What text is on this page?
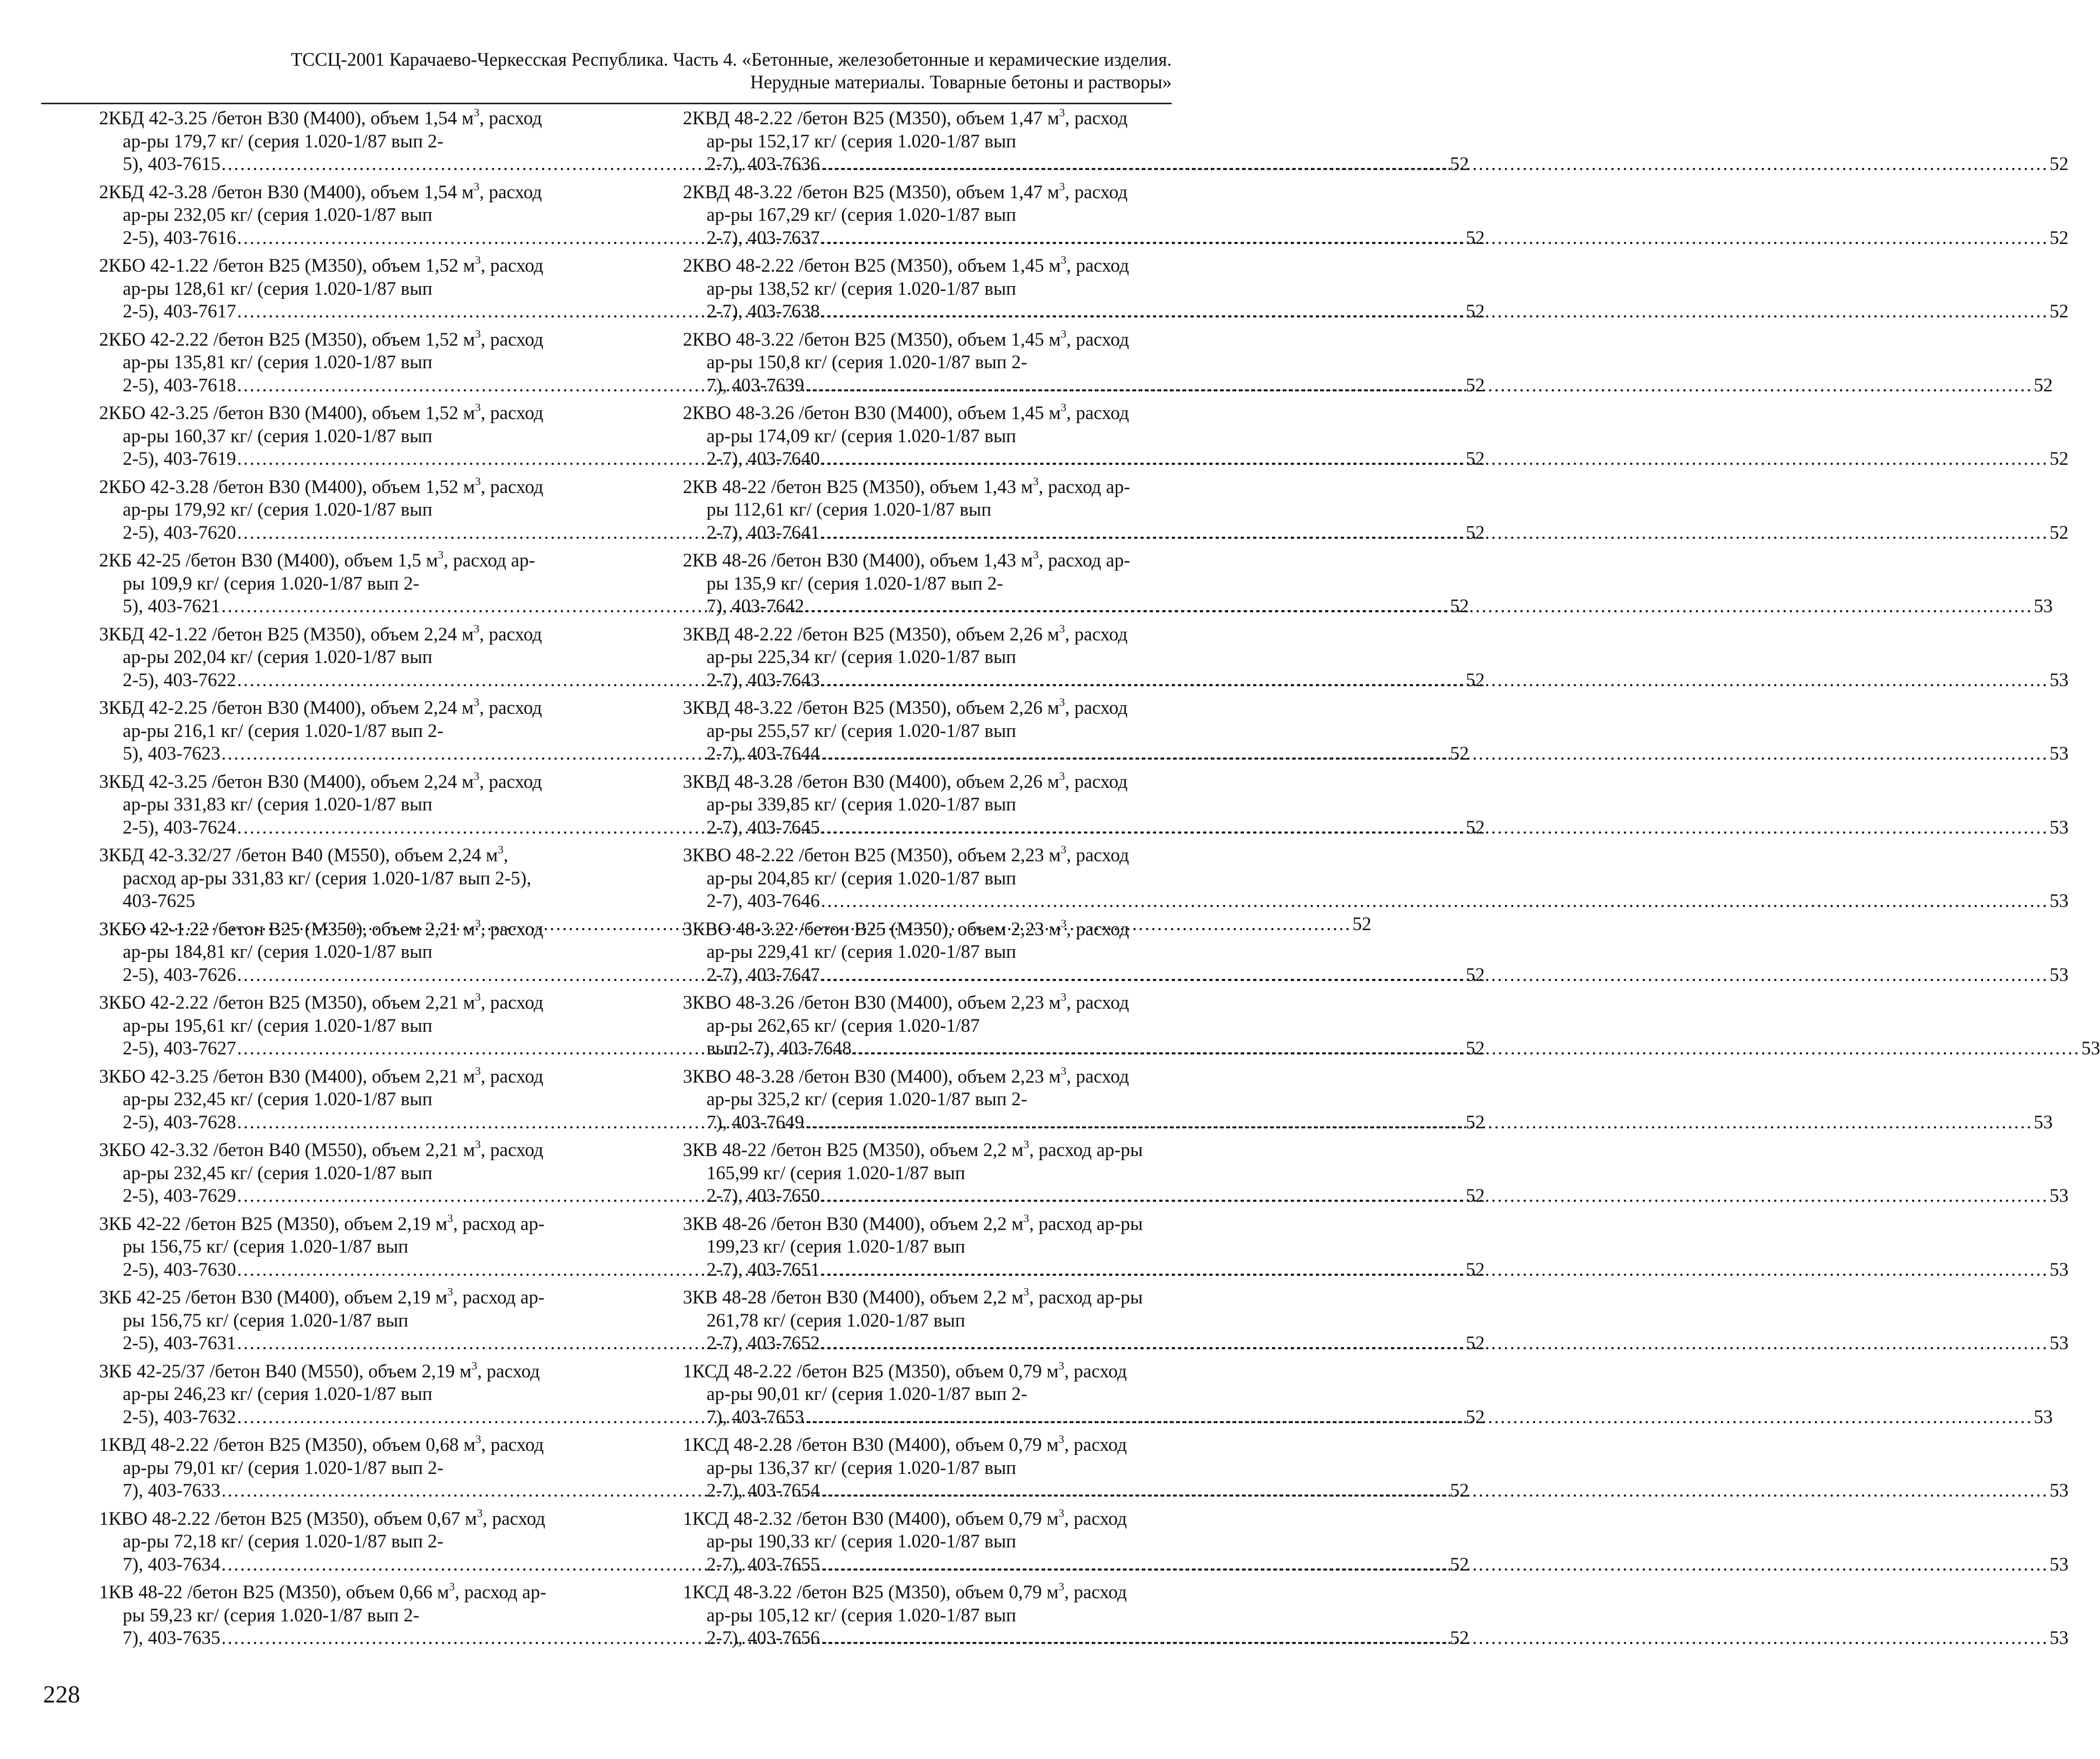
ТССЦ-2001 Карачаево-Черкесская Республика. Часть 4. «Бетонные, железобетонные и керамические изделия.
Нерудные материалы. Товарные бетоны и растворы»
2КБД 42-3.25 /бетон В30 (М400), объем 1,54 $м^3$, расход ар-ры 179,7 кг/ (серия 1.020-1/87 вып 2-
5), 403-7615 .....	52
2КБД 42-3.28 /бетон В30 (М400), объем 1,54 $м^3$, расход ар-ры 232,05 кг/ (серия 1.020-1/87 вып
2-5), 403-7616 .....	52
2КБО 42-1.22 /бетон В25 (М350), объем 1,52 $м^3$, расход ар-ры 128,61 кг/ (серия 1.020-1/87 вып
2-5), 403-7617 .....	52
2КБО 42-2.22 /бетон В25 (М350), объем 1,52 $м^3$, расход ар-ры 135,81 кг/ (серия 1.020-1/87 вып
2-5), 403-7618 .....	52
2КБО 42-3.25 /бетон В30 (М400), объем 1,52 $м^3$, расход ар-ры 160,37 кг/ (серия 1.020-1/87 вып
2-5), 403-7619 .....	52
2КБО 42-3.28 /бетон В30 (М400), объем 1,52 $м^3$, расход ар-ры 179,92 кг/ (серия 1.020-1/87 вып
2-5), 403-7620 .....	52
2КБ 42-25 /бетон В30 (М400), объем 1,5 $м^3$, расход ар-ры 109,9 кг/ (серия 1.020-1/87 вып 2-
5), 403-7621 .....	52
3КБД 42-1.22 /бетон В25 (М350), объем 2,24 $м^3$, расход ар-ры 202,04 кг/ (серия 1.020-1/87 вып
2-5), 403-7622 .....	52
3КБД 42-2.25 /бетон В30 (М400), объем 2,24 $м^3$, расход ар-ры 216,1 кг/ (серия 1.020-1/87 вып 2-
5), 403-7623 .....	52
3КБД 42-3.25 /бетон В30 (М400), объем 2,24 $м^3$, расход ар-ры 331,83 кг/ (серия 1.020-1/87 вып
2-5), 403-7624 .....	52
3КБД 42-3.32/27 /бетон В40 (М550), объем 2,24 $м^3$, расход ар-ры 331,83 кг/ (серия 1.020-1/87 вып 2-5), 403-7625
.....
52
3КБО 42-1.22 /бетон В25 (М350), объем 2,21 $м^3$, расход ар-ры 184,81 кг/ (серия 1.020-1/87 вып
2-5), 403-7626 .....	52
3КБО 42-2.22 /бетон В25 (М350), объем 2,21 $м^3$, расход ар-ры 195,61 кг/ (серия 1.020-1/87 вып
2-5), 403-7627 .....	52
3КБО 42-3.25 /бетон В30 (М400), объем 2,21 $м^3$, расход ар-ры 232,45 кг/ (серия 1.020-1/87 вып
2-5), 403-7628 .....	52
3КБО 42-3.32 /бетон В40 (М550), объем 2,21 $м^3$, расход ар-ры 232,45 кг/ (серия 1.020-1/87 вып
2-5), 403-7629 .....	52
3КБ 42-22 /бетон В25 (М350), объем 2,19 $м^3$, расход ар-ры 156,75 кг/ (серия 1.020-1/87 вып
2-5), 403-7630 .....	52
3КБ 42-25 /бетон В30 (М400), объем 2,19 $м^3$, расход ар-ры 156,75 кг/ (серия 1.020-1/87 вып
2-5), 403-7631 .....	52
3КБ 42-25/37 /бетон В40 (М550), объем 2,19 $м^3$, расход ар-ры 246,23 кг/ (серия 1.020-1/87 вып
2-5), 403-7632 .....	52
1КВД 48-2.22 /бетон В25 (М350), объем 0,68 $м^3$, расход ар-ры 79,01 кг/ (серия 1.020-1/87 вып 2-
7), 403-7633 .....	52
1КВО 48-2.22 /бетон В25 (М350), объем 0,67 $м^3$, расход ар-ры 72,18 кг/ (серия 1.020-1/87 вып 2-
7), 403-7634 .....	52
1КВ 48-22 /бетон В25 (М350), объем 0,66 $м^3$, расход ар-ры 59,23 кг/ (серия 1.020-1/87 вып 2-
7), 403-7635 .....	52
2КВД 48-2.22 /бетон В25 (М350), объем 1,47 $м^3$, расход ар-ры 152,17 кг/ (серия 1.020-1/87 вып
2-7), 403-7636 .....	52
2КВД 48-3.22 /бетон В25 (М350), объем 1,47 $м^3$, расход ар-ры 167,29 кг/ (серия 1.020-1/87 вып
2-7), 403-7637 .....	52
2КВО 48-2.22 /бетон В25 (М350), объем 1,45 $м^3$, расход ар-ры 138,52 кг/ (серия 1.020-1/87 вып
2-7), 403-7638 .....	52
2КВО 48-3.22 /бетон В25 (М350), объем 1,45 $м^3$, расход ар-ры 150,8 кг/ (серия 1.020-1/87 вып 2-
7), 403-7639 .....	52
2КВО 48-3.26 /бетон В30 (М400), объем 1,45 $м^3$, расход ар-ры 174,09 кг/ (серия 1.020-1/87 вып
2-7), 403-7640 .....	52
2КВ 48-22 /бетон В25 (М350), объем 1,43 $м^3$, расход ар-ры 112,61 кг/ (серия 1.020-1/87 вып
2-7), 403-7641 .....	52
2КВ 48-26 /бетон В30 (М400), объем 1,43 $м^3$, расход ар-ры 135,9 кг/ (серия 1.020-1/87 вып 2-
7), 403-7642 .....	53
3КВД 48-2.22 /бетон В25 (М350), объем 2,26 $м^3$, расход ар-ры 225,34 кг/ (серия 1.020-1/87 вып
2-7), 403-7643 .....	53
3КВД 48-3.22 /бетон В25 (М350), объем 2,26 $м^3$, расход ар-ры 255,57 кг/ (серия 1.020-1/87 вып
2-7), 403-7644 .....	53
3КВД 48-3.28 /бетон В30 (М400), объем 2,26 $м^3$, расход ар-ры 339,85 кг/ (серия 1.020-1/87 вып
2-7), 403-7645 .....	53
3КВО 48-2.22 /бетон В25 (М350), объем 2,23 $м^3$, расход ар-ры 204,85 кг/ (серия 1.020-1/87 вып
2-7), 403-7646 .....	53
3КВО 48-3.22 /бетон В25 (М350), объем 2,23 $м^3$, расход ар-ры 229,41 кг/ (серия 1.020-1/87 вып
2-7), 403-7647 .....	53
3КВО 48-3.26 /бетон В30 (М400), объем 2,23 $м^3$, расход ар-ры 262,65 кг/ (серия 1.020-1/87
вып2-7), 403-7648 .....	53
3КВО 48-3.28 /бетон В30 (М400), объем 2,23 $м^3$, расход ар-ры 325,2 кг/ (серия 1.020-1/87 вып 2-
7), 403-7649 .....	53
3КВ 48-22 /бетон В25 (М350), объем 2,2 $м^3$, расход ар-ры 165,99 кг/ (серия 1.020-1/87 вып
2-7), 403-7650 .....	53
3КВ 48-26 /бетон В30 (М400), объем 2,2 $м^3$, расход ар-ры 199,23 кг/ (серия 1.020-1/87 вып
2-7), 403-7651 .....	53
3КВ 48-28 /бетон В30 (М400), объем 2,2 $м^3$, расход ар-ры 261,78 кг/ (серия 1.020-1/87 вып
2-7), 403-7652 .....	53
1КСД 48-2.22 /бетон В25 (М350), объем 0,79 $м^3$, расход ар-ры 90,01 кг/ (серия 1.020-1/87 вып 2-
7), 403-7653 .....	53
1КСД 48-2.28 /бетон В30 (М400), объем 0,79 $м^3$, расход ар-ры 136,37 кг/ (серия 1.020-1/87 вып
2-7), 403-7654 .....	53
1КСД 48-2.32 /бетон В30 (М400), объем 0,79 $м^3$, расход ар-ры 190,33 кг/ (серия 1.020-1/87 вып
2-7), 403-7655 .....	53
1КСД 48-3.22 /бетон В25 (М350), объем 0,79 $м^3$, расход ар-ры 105,12 кг/ (серия 1.020-1/87 вып
2-7), 403-7656 .....	53
228
